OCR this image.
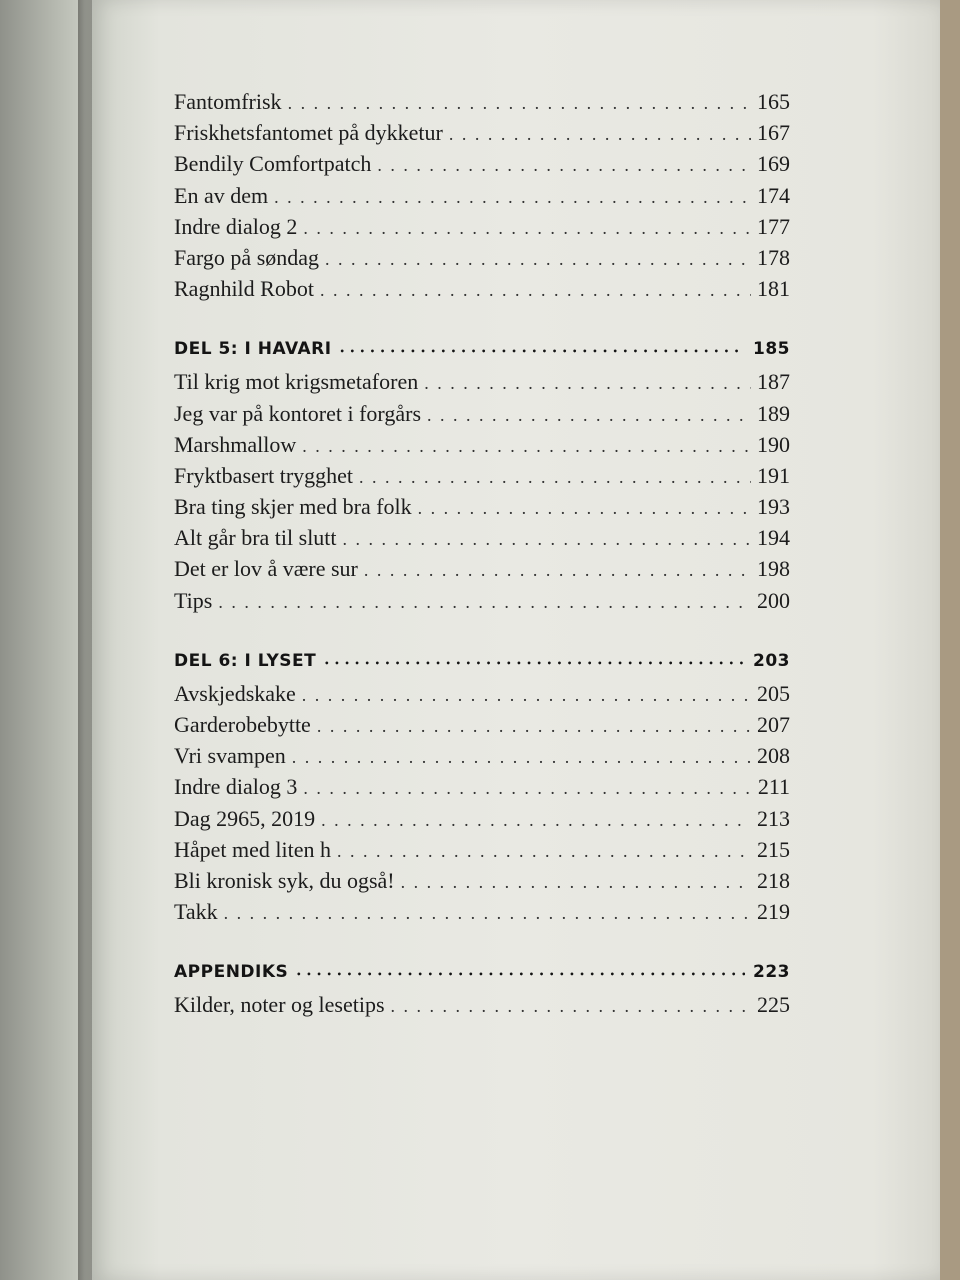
Fantomfrisk . . .	165
Friskhetsfantomet på dykketur . . .	167
Bendily Comfortpatch . . .	169
En av dem . . .	174
Indre dialog 2 . . .	177
Fargo på søndag . . .	178
Ragnhild Robot . . .	181
DEL 5: I HAVARI •••••	185
Til krig mot krigsmetaforen . . .	187
Jeg var på kontoret i forgårs . . .	189
Marshmallow . . .	190
Fryktbasert trygghet . . .	191
Bra ting skjer med bra folk . . .	193
Alt går bra til slutt . . .	194
Det er lov å være sur . . .	198
Tips . . .	200
DEL 6: I LYSET •••••	203
Avskjedskake . . .	205
Garderobebytte . . .	207
Vri svampen . . .	208
Indre dialog 3 . . .	211
Dag 2965, 2019 . . .	213
Håpet med liten h . . .	215
Bli kronisk syk, du også! . . .	218
Takk . . .	219
APPENDIKS •••••	223
Kilder, noter og lesetips . . .	225
